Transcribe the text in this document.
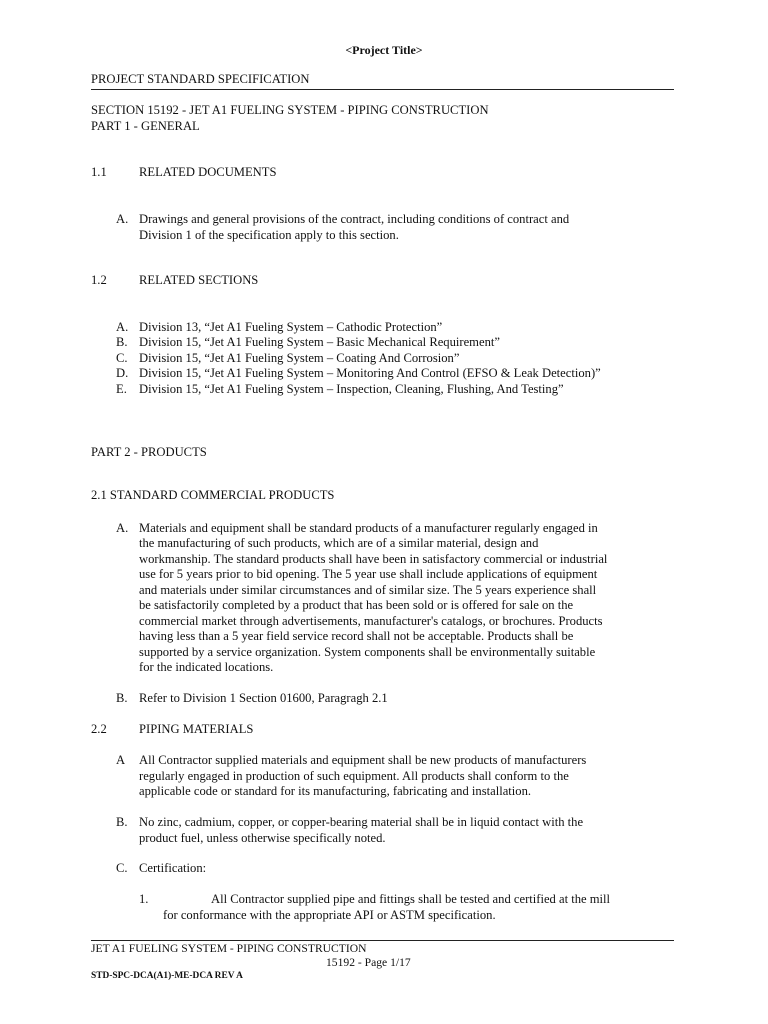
<Project Title>
PROJECT STANDARD SPECIFICATION
SECTION 15192 - JET A1 FUELING SYSTEM - PIPING CONSTRUCTION
PART 1 - GENERAL
1.1	RELATED DOCUMENTS
A. Drawings and general provisions of the contract, including conditions of contract and
Division 1 of the specification apply to this section.
1.2	RELATED SECTIONS
A. Division 13, “Jet A1 Fueling System – Cathodic Protection”
B. Division 15, “Jet A1 Fueling System – Basic Mechanical Requirement”
C. Division 15, “Jet A1 Fueling System – Coating And Corrosion”
D. Division 15, “Jet A1 Fueling System – Monitoring And Control (EFSO & Leak Detection)”
E. Division 15, “Jet A1 Fueling System – Inspection, Cleaning, Flushing, And Testing”
PART 2 - PRODUCTS
2.1 STANDARD COMMERCIAL PRODUCTS
A. Materials and equipment shall be standard products of a manufacturer regularly engaged in
the manufacturing of such products, which are of a similar material, design and
workmanship. The standard products shall have been in satisfactory commercial or industrial
use for 5 years prior to bid opening. The 5 year use shall include applications of equipment
and materials under similar circumstances and of similar size. The 5 years experience shall
be satisfactorily completed by a product that has been sold or is offered for sale on the
commercial market through advertisements, manufacturer's catalogs, or brochures. Products
having less than a 5 year field service record shall not be acceptable. Products shall be
supported by a service organization. System components shall be environmentally suitable
for the indicated locations.
B. Refer to Division 1 Section 01600, Paragragh 2.1
2.2	PIPING MATERIALS
A All Contractor supplied materials and equipment shall be new products of manufacturers
regularly engaged in production of such equipment. All products shall conform to the
applicable code or standard for its manufacturing, fabricating and installation.
B. No zinc, cadmium, copper, or copper-bearing material shall be in liquid contact with the
product fuel, unless otherwise specifically noted.
C. Certification:
1.	All Contractor supplied pipe and fittings shall be tested and certified at the mill
for conformance with the appropriate API or ASTM specification.
JET A1 FUELING SYSTEM - PIPING CONSTRUCTION
15192 - Page 1/17
STD-SPC-DCA(A1)-ME-DCA REV A
